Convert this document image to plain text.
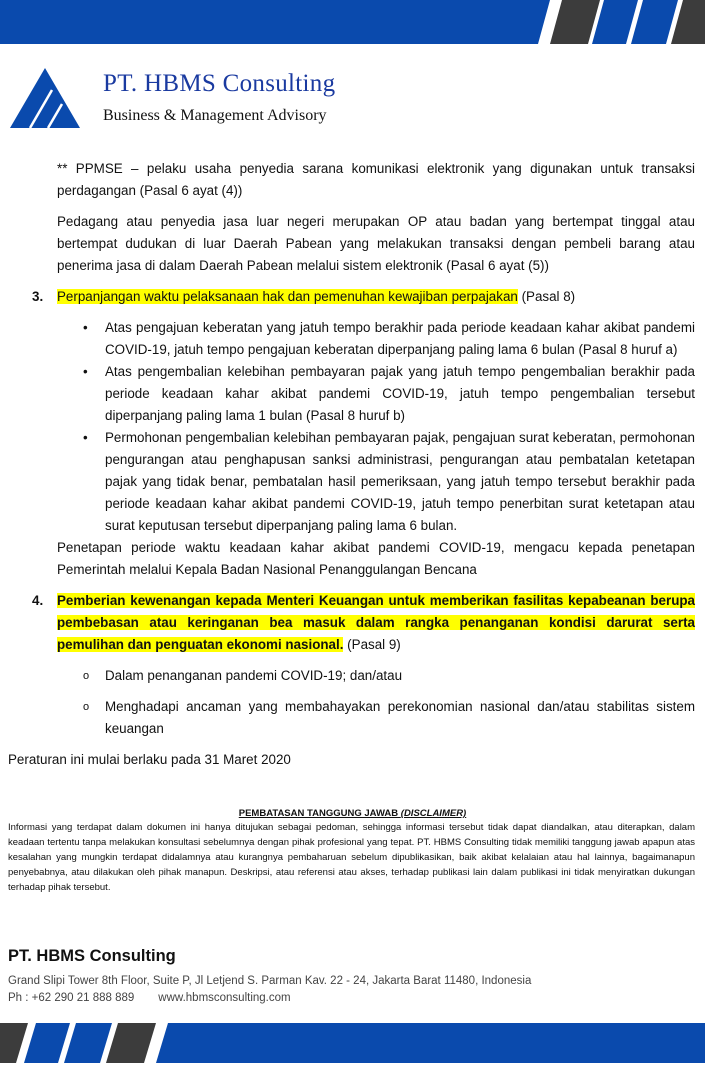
PT. HBMS Consulting
Business & Management Advisory
** PPMSE – pelaku usaha penyedia sarana komunikasi elektronik yang digunakan untuk transaksi perdagangan (Pasal 6 ayat (4))
Pedagang atau penyedia jasa luar negeri merupakan OP atau badan yang bertempat tinggal atau bertempat dudukan di luar Daerah Pabean yang melakukan transaksi dengan pembeli barang atau penerima jasa di dalam Daerah Pabean melalui sistem elektronik (Pasal 6 ayat (5))
3. Perpanjangan waktu pelaksanaan hak dan pemenuhan kewajiban perpajakan (Pasal 8)
• Atas pengajuan keberatan yang jatuh tempo berakhir pada periode keadaan kahar akibat pandemi COVID-19, jatuh tempo pengajuan keberatan diperpanjang paling lama 6 bulan (Pasal 8 huruf a)
• Atas pengembalian kelebihan pembayaran pajak yang jatuh tempo pengembalian berakhir pada periode keadaan kahar akibat pandemi COVID-19, jatuh tempo pengembalian tersebut diperpanjang paling lama 1 bulan (Pasal 8 huruf b)
• Permohonan pengembalian kelebihan pembayaran pajak, pengajuan surat keberatan, permohonan pengurangan atau penghapusan sanksi administrasi, pengurangan atau pembatalan ketetapan pajak yang tidak benar, pembatalan hasil pemeriksaan, yang jatuh tempo tersebut berakhir pada periode keadaan kahar akibat pandemi COVID-19, jatuh tempo penerbitan surat ketetapan atau surat keputusan tersebut diperpanjang paling lama 6 bulan.
Penetapan periode waktu keadaan kahar akibat pandemi COVID-19, mengacu kepada penetapan Pemerintah melalui Kepala Badan Nasional Penanggulangan Bencana
4. Pemberian kewenangan kepada Menteri Keuangan untuk memberikan fasilitas kepabeanan berupa pembebasan atau keringanan bea masuk dalam rangka penanganan kondisi darurat serta pemulihan dan penguatan ekonomi nasional. (Pasal 9)
o Dalam penanganan pandemi COVID-19; dan/atau
o Menghadapi ancaman yang membahayakan perekonomian nasional dan/atau stabilitas sistem keuangan
Peraturan ini mulai berlaku pada 31 Maret 2020
PEMBATASAN TANGGUNG JAWAB (DISCLAIMER)
Informasi yang terdapat dalam dokumen ini hanya ditujukan sebagai pedoman, sehingga informasi tersebut tidak dapat diandalkan, atau diterapkan, dalam keadaan tertentu tanpa melakukan konsultasi sebelumnya dengan pihak profesional yang tepat. PT. HBMS Consulting tidak memiliki tanggung jawab apapun atas kesalahan yang mungkin terdapat didalamnya atau kurangnya pembaharuan sebelum dipublikasikan, baik akibat kelalaian atau hal lainnya, bagaimanapun penyebabnya, atau dilakukan oleh pihak manapun. Deskripsi, atau referensi atau akses, terhadap publikasi lain dalam publikasi ini tidak menyiratkan dukungan terhadap pihak tersebut.
PT. HBMS Consulting
Grand Slipi Tower 8th Floor, Suite P, Jl Letjend S. Parman Kav. 22 - 24, Jakarta Barat 11480, Indonesia
Ph : +62 290 21 888 889 www.hbmsconsulting.com
